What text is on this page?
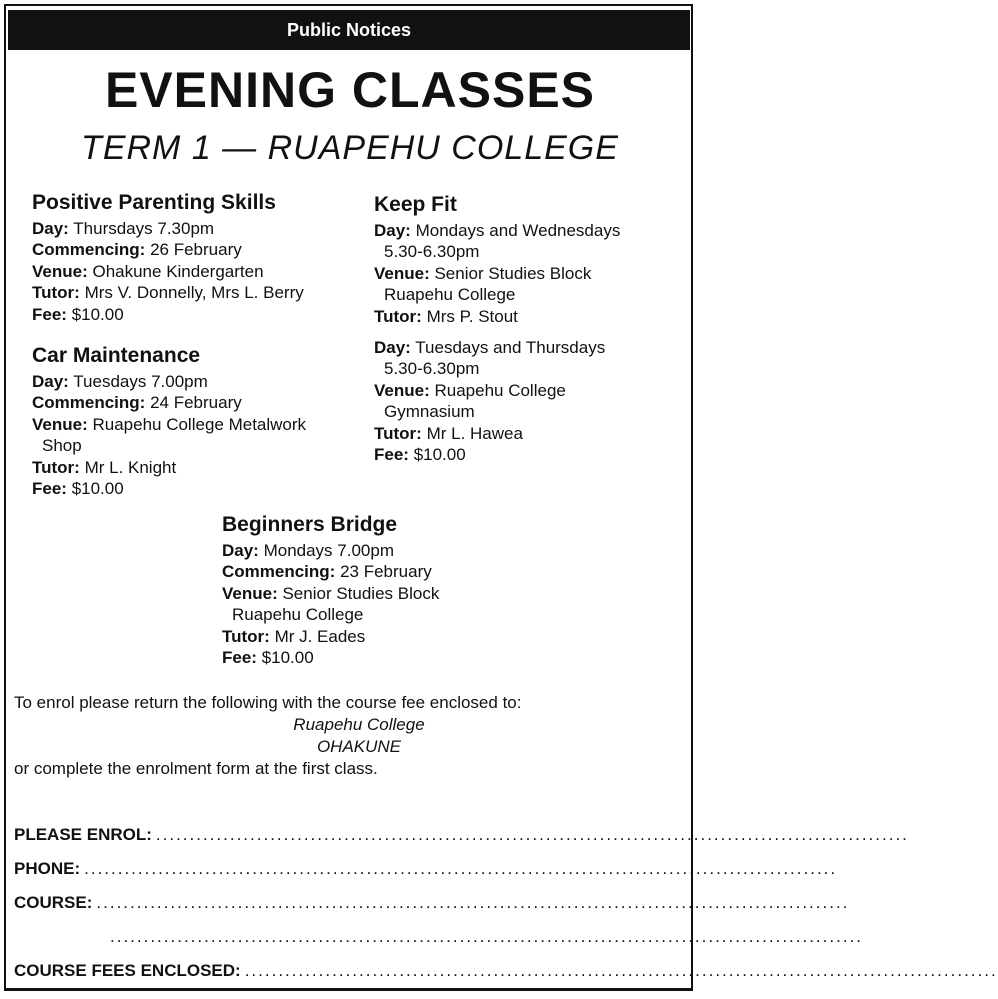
Public Notices
EVENING CLASSES
TERM 1 — RUAPEHU COLLEGE
Positive Parenting Skills
Day: Thursdays 7.30pm
Commencing: 26 February
Venue: Ohakune Kindergarten
Tutor: Mrs V. Donnelly, Mrs L. Berry
Fee: $10.00
Car Maintenance
Day: Tuesdays 7.00pm
Commencing: 24 February
Venue: Ruapehu College Metalwork
Shop
Tutor: Mr L. Knight
Fee: $10.00
Keep Fit
Day: Mondays and Wednesdays
5.30-6.30pm
Venue: Senior Studies Block
Ruapehu College
Tutor: Mrs P. Stout
Day: Tuesdays and Thursdays
5.30-6.30pm
Venue: Ruapehu College
Gymnasium
Tutor: Mr L. Hawea
Fee: $10.00
Beginners Bridge
Day: Mondays 7.00pm
Commencing: 23 February
Venue: Senior Studies Block
Ruapehu College
Tutor: Mr J. Eades
Fee: $10.00
To enrol please return the following with the course fee enclosed to:
Ruapehu College
OHAKUNE
or complete the enrolment form at the first class.
PLEASE ENROL: ................................................................................................................
PHONE: ................................................................................................................
COURSE: ................................................................................................................
................................................................................................................
COURSE FEES ENCLOSED: ................................................................................................................
